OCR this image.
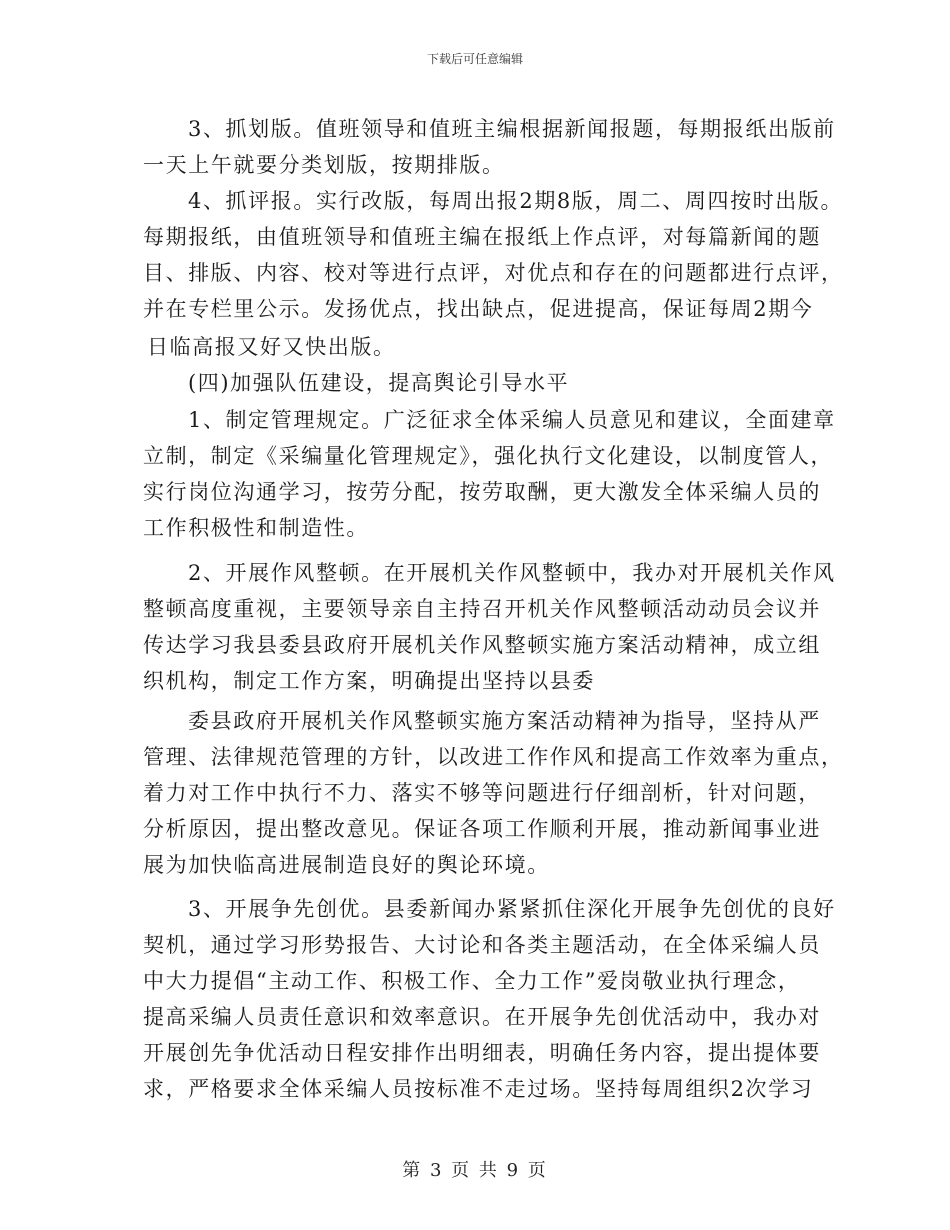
下载后可任意编辑
3、抓划版。值班领导和值班主编根据新闻报题，每期报纸出版前
一天上午就要分类划版，按期排版。
4、抓评报。实行改版，每周出报2期8版，周二、周四按时出版。
每期报纸，由值班领导和值班主编在报纸上作点评，对每篇新闻的题
目、排版、内容、校对等进行点评，对优点和存在的问题都进行点评，
并在专栏里公示。发扬优点，找出缺点，促进提高，保证每周2期今
日临高报又好又快出版。
(四)加强队伍建设，提高舆论引导水平
1、制定管理规定。广泛征求全体采编人员意见和建议，全面建章
立制，制定《采编量化管理规定》，强化执行文化建设，以制度管人，
实行岗位沟通学习，按劳分配，按劳取酬，更大激发全体采编人员的
工作积极性和制造性。
2、开展作风整顿。在开展机关作风整顿中，我办对开展机关作风
整顿高度重视，主要领导亲自主持召开机关作风整顿活动动员会议并
传达学习我县委县政府开展机关作风整顿实施方案活动精神，成立组
织机构，制定工作方案，明确提出坚持以县委
委县政府开展机关作风整顿实施方案活动精神为指导，坚持从严
管理、法律规范管理的方针，以改进工作作风和提高工作效率为重点，
着力对工作中执行不力、落实不够等问题进行仔细剖析，针对问题，
分析原因，提出整改意见。保证各项工作顺利开展，推动新闻事业进
展为加快临高进展制造良好的舆论环境。
3、开展争先创优。县委新闻办紧紧抓住深化开展争先创优的良好
契机，通过学习形势报告、大讨论和各类主题活动，在全体采编人员
中大力提倡“主动工作、积极工作、全力工作”爱岗敬业执行理念，
提高采编人员责任意识和效率意识。在开展争先创优活动中，我办对
开展创先争优活动日程安排作出明细表，明确任务内容，提出提体要
求，严格要求全体采编人员按标准不走过场。坚持每周组织2次学习
第 3 页 共 9 页
